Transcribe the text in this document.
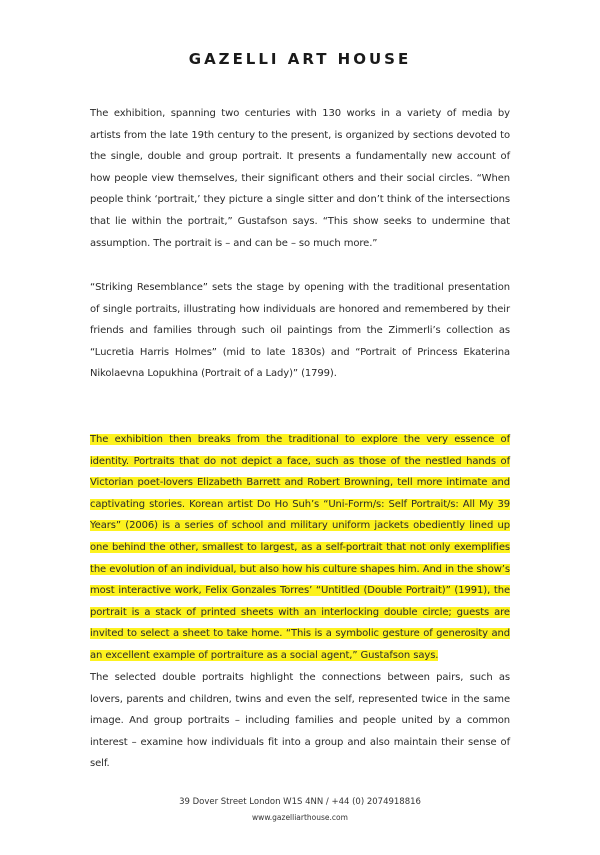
GAZELLI ART HOUSE

The exhibition, spanning two centuries with 130 works in a variety of media by artists from the late 19th century to the present, is organized by sections devoted to the single, double and group portrait. It presents a fundamentally new account of how people view themselves, their significant others and their social circles. “When people think ‘portrait,’ they picture a single sitter and don’t think of the intersections that lie within the portrait,” Gustafson says. “This show seeks to undermine that assumption. The portrait is – and can be – so much more.”

“Striking Resemblance” sets the stage by opening with the traditional presentation of single portraits, illustrating how individuals are honored and remembered by their friends and families through such oil paintings from the Zimmerli’s collection as “Lucretia Harris Holmes” (mid to late 1830s) and “Portrait of Princess Ekaterina Nikolaevna Lopukhina (Portrait of a Lady)” (1799).

The exhibition then breaks from the traditional to explore the very essence of identity. Portraits that do not depict a face, such as those of the nestled hands of Victorian poet-lovers Elizabeth Barrett and Robert Browning, tell more intimate and captivating stories. Korean artist Do Ho Suh’s “Uni-Form/s: Self Portrait/s: All My 39 Years” (2006) is a series of school and military uniform jackets obediently lined up one behind the other, smallest to largest, as a self-portrait that not only exemplifies the evolution of an individual, but also how his culture shapes him. And in the show’s most interactive work, Felix Gonzales Torres’ “Untitled (Double Portrait)” (1991), the portrait is a stack of printed sheets with an interlocking double circle; guests are invited to select a sheet to take home. “This is a symbolic gesture of generosity and an excellent example of portraiture as a social agent,” Gustafson says.

The selected double portraits highlight the connections between pairs, such as lovers, parents and children, twins and even the self, represented twice in the same image. And group portraits – including families and people united by a common interest – examine how individuals fit into a group and also maintain their sense of self.

39 Dover Street London W1S 4NN / +44 (0) 2074918816

www.gazelliarthouse.com
